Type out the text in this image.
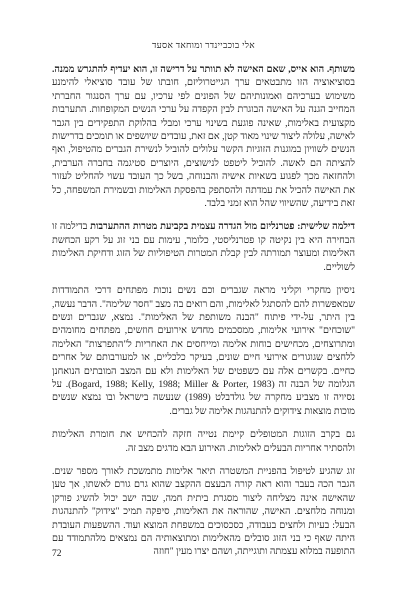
אלי בוכביינדר ומוחאד אסעד

משותף. הוא אייס, שאם האישה לא תוותר על דרישה זו, הוא יעדיף להתגרש ממנה. בסוציאוציה הזו מתבטאים ערך הגייטרוליזם, חובתו של עובד סוציאלי להימנע משימוש בערכיהם ואמונותיהם של הפונים לפי ערכיו, עם ערך הסנגור החברתי המחייב הגנה על האישה הבוגרת לבין הקפדה על ערכי הנשים המקופחות. התערבות מקצועית באלימות, שאינה פוגעת בשינוי ערכי ומבלי בהלוקת התפקידים בין הגבר לאישה, עלולה ליצור שינוי מאוד קטן, אם זאת, עובדים שיושפים או תומכים בדרישות הנשים לשוויון במוגנות הזוגיות הקשר עלולים להוביל לנשירת הגברים מהטיפול, ואף להציתה הם לאשה. להוביל ליטפט לנישוצים, היוצרים סטיגמה בחברה הערבית, ולהחזאה מכך לפגוע בשאיות אישיה והבנוחה, בשל כך העובד עשוי להחליט לעזור את האישה להכיל את עמדתה ולהסתפק בהפסקת האלימות ובשמירת המשפחה, כל זאת בידיעה, שהשיווי שהל הוא זמני בלבד.

דילמה שלישית: פטרנליזם מול הגדרה עצמית בקביעת מטרות ההתערבות בדילמה זו הבחירה היא בין נקיטה קו פטרנליסטי, כלומר, עימות עם בני זוג על רקע הכחשת האלימות ומעוצר תמורתה לבין קבלת המטרות הטיפוליות של הזוג ודחיקת האלימות לשוליים.

ניסיון מחקרי וקליני מראה שגברים וכם נשים נוכות מפתחים דרכי התמודדות שמאפשרות להם להסתגל לאלימות, והם רואים בה מצב "חסר שלימה". הדבר נעשה, בין היתר, על-ידי פיתוח "הבנה משותפת של האלימות". נמצא, שגברים ונשים "שוכחים" אירועי אלימות, ממסכמים מחדש אירועים חוזשים, מפתחים מחומהים ומתרוצחים, מכחישים בוחות אלימה ומייחסים את האחריות ל"התפרצות" האלימה ללחצים שגוגורים אירועי חיים שונים, בעיקר כלכליים, או למעורבותם של אחרים כחיים. בקשרים אלה עם כשפטים של האלימות ולא עם המצב המובתים הנואחנן הגלומה של הבנה זה (Bogard, 1988; Kelly, 1988; Miller & Porter, 1983). על נסיויה זו מצביע מחקרה של גולדבלט (1989) שנעשה בישראל ובו נמצא שנשים מוכות מוצאות צידוקים להתנהגות אלימה של גברים.

גם בקרב הזוגות המטופלים קיימת נטייה חזקה להכחיש את חומרת האלימות ולהסתיר אחריות הבעלים לאלימות. האירוע הבא מדגים מצב זה.

זוג שהגיע לטיפול בהפניית המשטרה תיאר אלימות מתמשכת לאורך מספר שנים. הגבר הכה בעבר והוא ראה קורה הבעצם ההקצב שהוא גרם גורם לאשתו, אך טען שהאישה אינה מצליחה ליצור מסגרת ביתית חמה, שבה ישב יכול להשיג פורקן ומנוחה מלחצים. האישה, שהוראה את האלימות, סיפקה תמיכ "צידוק" להתנהגות הבעל: בעיות ולחצים בעבודה, כסכסוכים במשפחת המוצא ועוד. ההשפעות העובדת היתה שאף כי בני הזוג סובלים מהאלימות ומתוצאותיה הם נמצאים מלהתמודד עם התופעה במלוא עצמתה ותוגייתה, ושהם יצרו מעין "חוזה

72
